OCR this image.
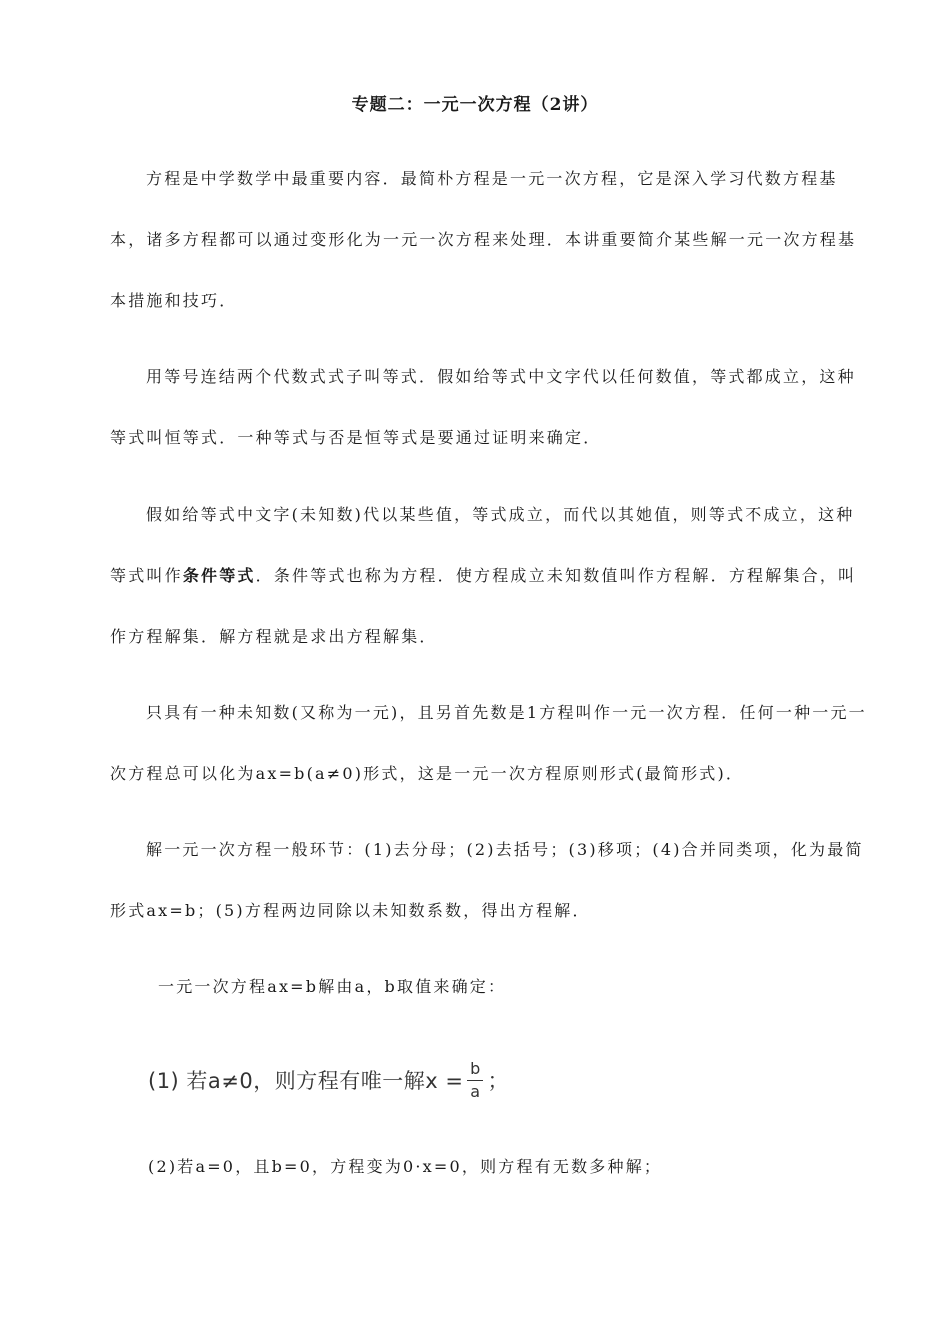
专题二：一元一次方程（2讲）

方程是中学数学中最重要内容．最简朴方程是一元一次方程，它是深入学习代数方程基本，诸多方程都可以通过变形化为一元一次方程来处理．本讲重要简介某些解一元一次方程基本措施和技巧．

用等号连结两个代数式式子叫等式．假如给等式中文字代以任何数值，等式都成立，这种等式叫恒等式．一种等式与否是恒等式是要通过证明来确定．

假如给等式中文字(未知数)代以某些值，等式成立，而代以其她值，则等式不成立，这种等式叫作条件等式．条件等式也称为方程．使方程成立未知数值叫作方程解．方程解集合，叫作方程解集．解方程就是求出方程解集．

只具有一种未知数(又称为一元)，且另首先数是1方程叫作一元一次方程．任何一种一元一次方程总可以化为ax=b(a≠0)形式，这是一元一次方程原则形式(最简形式)．

解一元一次方程一般环节：(1)去分母；(2)去括号；(3)移项；(4)合并同类项，化为最简形式ax=b；(5)方程两边同除以未知数系数，得出方程解．

一元一次方程ax=b解由a，b取值来确定：

(1) 若a≠0，则方程有唯一解$x = \frac{b}{a}$ ；

(2)若a=0，且b=0，方程变为0·x=0，则方程有无数多种解；
